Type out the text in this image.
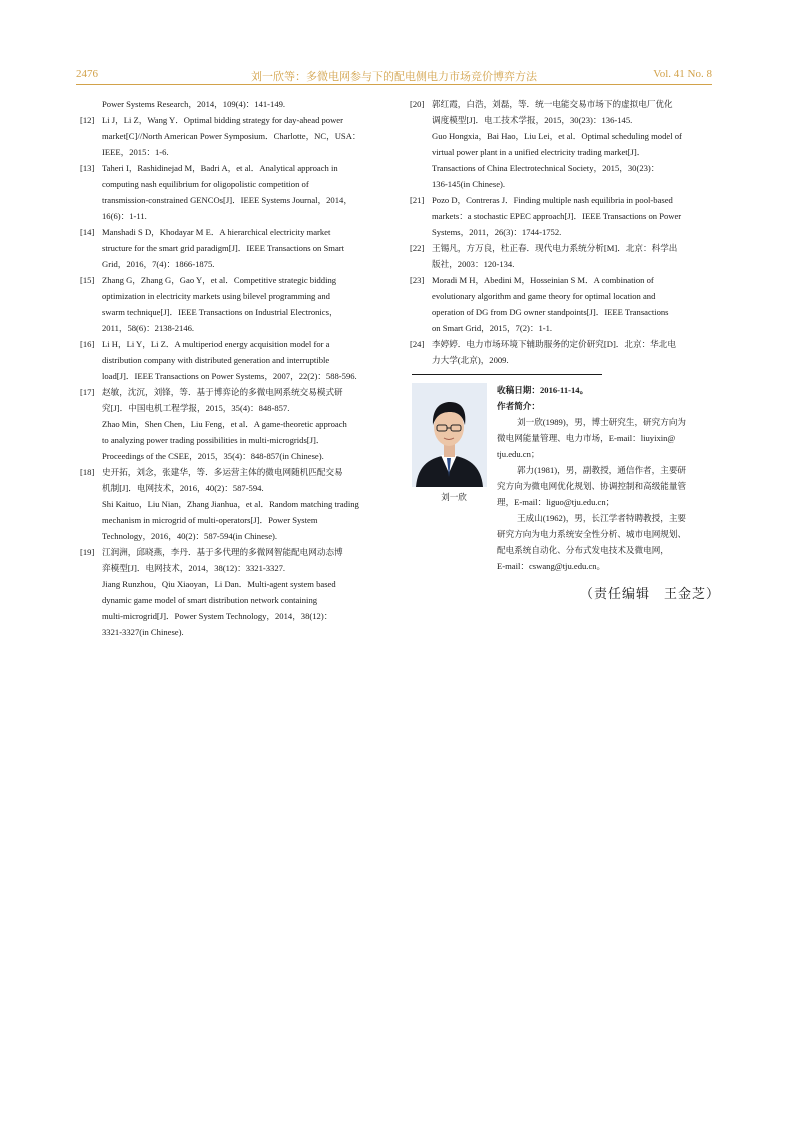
2476	刘一欣等：多微电网参与下的配电侧电力市场竞价博弈方法	Vol. 41 No. 8
Power Systems Research，2014，109(4)：141-149.
[12] Li J，Li Z，Wang Y．Optimal bidding strategy for day-ahead power
market[C]//North American Power Symposium．Charlotte，NC，USA：
IEEE，2015：1-6.
[13] Taheri I，Rashidinejad M，Badri A，et al．Analytical approach in
computing nash equilibrium for oligopolistic competition of
transmission-constrained GENCOs[J]．IEEE Systems Journal，2014，
16(6)：1-11.
[14] Manshadi S D，Khodayar M E．A hierarchical electricity market
structure for the smart grid paradigm[J]．IEEE Transactions on Smart
Grid，2016，7(4)：1866-1875.
[15] Zhang G，Zhang G，Gao Y，et al．Competitive strategic bidding
optimization in electricity markets using bilevel programming and
swarm technique[J]．IEEE Transactions on Industrial Electronics，
2011，58(6)：2138-2146.
[16] Li H，Li Y，Li Z．A multiperiod energy acquisition model for a
distribution company with distributed generation and interruptible
load[J]．IEEE Transactions on Power Systems，2007，22(2)：588-596.
[17] 赵敏，沈沉，刘锋，等．基于博弈论的多微电网系统交易模式研
究[J]．中国电机工程学报，2015，35(4)：848-857.
Zhao Min，Shen Chen，Liu Feng，et al．A game-theoretic approach
to analyzing power trading possibilities in multi-microgrids[J]．
Proceedings of the CSEE，2015，35(4)：848-857(in Chinese).
[18] 史开拓，刘念，张建华，等．多运营主体的微电网随机匹配交易
机制[J]．电网技术，2016，40(2)：587-594.
Shi Kaituo，Liu Nian，Zhang Jianhua，et al．Random matching trading
mechanism in microgrid of multi-operators[J]．Power System
Technology，2016，40(2)：587-594(in Chinese).
[19] 江润洲，邱晓燕，李丹．基于多代理的多微网智能配电网动态博
弈模型[J]．电网技术，2014，38(12)：3321-3327.
Jiang Runzhou，Qiu Xiaoyan，Li Dan．Multi-agent system based
dynamic game model of smart distribution network containing
multi-microgrid[J]．Power System Technology，2014，38(12)：
3321-3327(in Chinese).
[20] 郭红霞，白浩，刘磊，等．统一电能交易市场下的虚拟电厂优化
调度模型[J]．电工技术学报，2015，30(23)：136-145.
Guo Hongxia，Bai Hao，Liu Lei，et al．Optimal scheduling model of
virtual power plant in a unified electricity trading market[J]．
Transactions of China Electrotechnical Society，2015，30(23)：
136-145(in Chinese).
[21] Pozo D，Contreras J．Finding multiple nash equilibria in pool-based
markets：a stochastic EPEC approach[J]．IEEE Transactions on Power
Systems，2011，26(3)：1744-1752.
[22] 王锡凡，方万良，杜正春．现代电力系统分析[M]．北京：科学出
版社，2003：120-134.
[23] Moradi M H，Abedini M，Hosseinian S M．A combination of
evolutionary algorithm and game theory for optimal location and
operation of DG from DG owner standpoints[J]．IEEE Transactions
on Smart Grid，2015，7(2)：1-1.
[24] 李婷婷．电力市场环境下辅助服务的定价研究[D]．北京：华北电
力大学(北京)，2009.
刘一欣
收稿日期：2016-11-14。
作者简介：
刘一欣(1989)，男，博士研究生，研究方向为
微电网能量管理、电力市场，E-mail：liuyixin@
tju.edu.cn；
郭力(1981)，男，副教授，通信作者，主要研
究方向为微电网优化规划、协调控制和高级能量管
理，E-mail：liguo@tju.edu.cn；
王成山(1962)，男，长江学者特聘教授，主要
研究方向为电力系统安全性分析、城市电网规划、
配电系统自动化、分布式发电技术及微电网，
E-mail：cswang@tju.edu.cn。
（责任编辑　王金芝）
